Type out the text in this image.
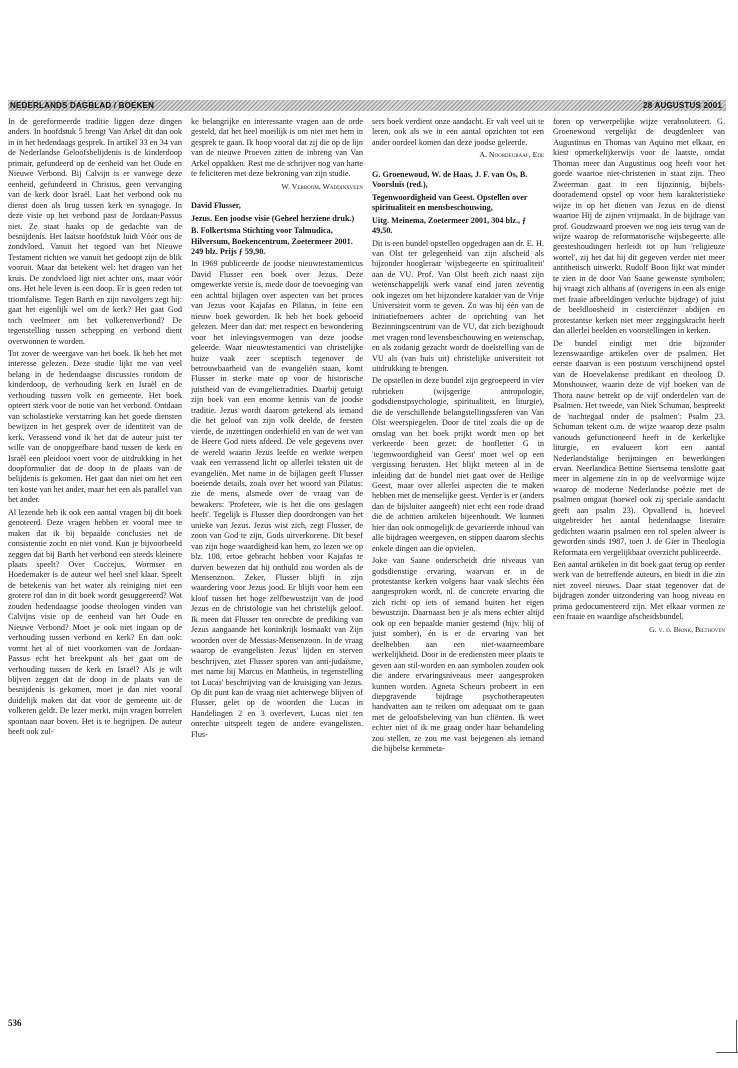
NEDERLANDS DAGBLAD / BOEKEN	28 AUGUSTUS 2001

In de gereformeerde traditie liggen deze dingen anders. In hoofdstuk 5 brengt Van Arkel dit dan ook in in het hedendaags gesprek. In artikel 33 en 34 van de Nederlandse Geloofsbelijdenis is de kinderdoop primair, gefundeerd op de eenheid van het Oude en Nieuwe Verbond. Bij Calvijn is er vanwege deze eenheid, gefundeerd in Christus, geen vervanging van de kerk door Israël. Laat het verbond ook nu dienst doen als brug tussen kerk en synagoge. In deze visie op het verbond past de Jordaan-Passus niet. Ze staat haaks op de gedachte van de besnijdenis. Het laatste hoofdstuk luidt Vóór ons de zondvloed. Vanuit het tegoed van het Nieuwe Testament richten we vanuit het gedoopt zijn de blik vooruit. Maar dat betekent wel: het dragen van het kruis. De zondvloed ligt niet achter ons, maar vóór ons. Het hele leven is een doop. Er is geen reden tot triomfalisme. Tegen Barth en zijn navolgers zegt hij: gaat het eigenlijk wel om de kerk? Het gaat God toch veelmeer om het volkerenverbond? De tegenstelling tussen schepping en verbond dient overwonnen te worden.

Tot zover de weergave van het boek. Ik heb het met interesse gelezen. Deze studie lijkt me van veel belang in de hedendaagse discussies rondom de kinderdoop, de verhouding kerk en Israël en de verhouding tussen volk en gemeente. Het boek opteert sterk voor de notie van het verbond. Ontdaan van scholastieke verstarring kan het goede diensten bewijzen in het gesprek over de identiteit van de kerk. Verassend vond ik het dat de auteur juist ter wille van de onopgeefbare band tussen de kerk en Israël een pleidooi voert voor de uitdrukking in het doopformulier dat de doop in de plaats van de belijdenis is gekomen. Het gaat dan niet om het een ten koste van het ander, maar het een als parallel van het ander.

Al lezende heb ik ook een aantal vragen bij dit boek genoteerd. Deze vragen hebben er vooral mee te maken dat ik bij bepaalde conclusies net de consistentie zocht en niet vond. Kun je bijvoorbeeld zeggen dat bij Barth het verbond een steeds kleinere plaats speelt? Over Coccejus, Wormser en Hoedemaker is de auteur wel heel snel klaar. Speelt de betekenis van het water als reiniging niet een grotere rol dan in dit boek wordt gesuggereerd? Wat zouden hedendaagse joodse theologen vinden van Calvijns visie op de eenheid van het Oude en Nieuwe Verbond? Moet je ook niet ingaan op de verhouding tussen verbond en kerk? En dan ook: vormt het al of niet voorkomen van de Jordaan-Passus echt het breekpunt als het gaat om de verhouding tussen de kerk en Israël? Als je wilt blijven zeggen dat de doop in de plaats van de besnijdenis is gekomen, moet je dan niet vooral duidelijk maken dat dat voor de gemeente uit de volkeren geldt. De lezer merkt, mijn vragen borrelen spontaan naar boven. Het is te begrijpen. De auteur heeft ook zul-

ke belangrijke en interessante vragen aan de orde gesteld, dat het heel moeilijk is om niet met hem in gesprek te gaan. Ik hoop vooral dat zij die op de lijn van de nieuwe Proeven zitten de inbreng van Van Arkel oppakken. Rest me de schrijver nog van harte te feliciteren met deze bekroning van zijn studie.

W. Verboom, Waddinxveen

David Flusser,

Jezus. Een joodse visie (Geheel herziene druk.)

B. Folkertsma Stichting voor Talmudica, Hilversum, Boekencentrum, Zoetermeer 2001. 249 blz. Prijs ƒ 59,90.

In 1969 publiceerde de joodse nieuwtestamenticus David Flusser een boek over Jezus. Deze omgewerkte versie is, mede door de toevoeging van een achttal bijlagen over aspecten van het proces van Jezus voor Kajafas en Pilatus, in feite een nieuw boek geworden. Ik heb het boek geboeid gelezen. Meer dan dat: met respect en bewondering voor het inlevingsvermogen van deze joodse geleerde. Waar nieuwtestamentici van christelijke huize vaak zeer sceptisch tegenover de betrouwbaarheid van de evangeliën staan, komt Flusser in sterke mate op voor de historische juistheid van de evangelietradities. Daarbij getuigt zijn boek van een enorme kennis van de joodse traditie. Jezus wordt daarom getekend als iemand die het geloof van zijn volk deelde, de feesten vierde, de inzettingen onderhield en van de wet van de Heere God niets afdeed. De vele gegevens over de wereld waarin Jezus leefde en werkte werpen vaak een verrassend licht op allerlei teksten uit de evangeliën. Met name in de bijlagen geeft Flusser boeiende details, zoals over het woord van Pilatus: zie de mens, alsmede over de vraag van de bewakers: 'Profeteer, wie is het die ons geslagen heeft'. Tegelijk is Flusser diep doordrongen van het unieke van Jezus. Jezus wist zich, zegt Flusser, de zoon van God te zijn, Gods uitverkorene. Dit besef van zijn hoge waardigheid kan hem, zo lezen we op blz. 108, ertoe gebracht hebben voor Kajafas te durven bewezen dat hij onthuld zou worden als de Mensenzoon. Zeker, Flusser blijft in zijn waardering voor Jezus jood. Er blijft voor hem een kloof tussen het hoge zelfbewustzijn van de jood Jezus en de christologie van het christelijk geloof. Ik meen dat Flusser ten onrechte de prediking van Jezus aangaande het koninkrijk losmaakt van Zijn woorden over de Messias-Mensenzoon. In de vraag waarop de evangelisten Jezus' lijden en sterven beschrijven, ziet Flusser sporen van anti-judaïsme, met name bij Marcus en Mattheüs, in tegenstelling tot Lucas' beschrijving van de kruisiging van Jezus. Op dit punt kan de vraag niet achterwege blijven of Flusser, gelet op de woorden die Lucas in Handelingen 2 en 3 overlevert, Lucas niet ten onrechte uitspeelt tegen de andere evangelisten. Flus-

sers boek verdient onze aandacht. Er valt veel uit te leren, ook als we in een aantal opzichten tot een ander oordeel komen dan deze joodse geleerde.

A. Noordegraaf, Ede

G. Groenewoud, W. de Haas, J. F. van Os, B. Voorsluis (red.),

Tegenwoordigheid van Geest. Opstellen over spiritualiteit en mensbeschouwing,

Uitg. Meinema, Zoetermeer 2001, 304 blz., ƒ 49,50.

Dit is een bundel opstellen opgedragen aan dr. E. H. van Olst ter gelegenheid van zijn afscheid als bijzonder hoogleraar 'wijsbegeerte en spiritualiteit' aan de VU. Prof. Van Olst heeft zich naast zijn wetenschappelijk werk vanaf eind jaren zeventig ook ingezet om het bijzondere karakter van de Vrije Universiteit vorm te geven. Zo was hij één van de initiatiefnemers achter de oprichting van het Bezinningscentrum van de VU, dat zich bezighoudt met vragen rond levensbeschouwing en wetenschap, en als zodanig gezacht wordt de doelstelling van de VU als (van huis uit) christelijke universiteit tot uitdrukking te brengen.

De opstellen in deze bundel zijn gegroepeerd in vier rubrieken (wijsgerige antropologie, godsdienstpsychologie, spiritualiteit, en liturgie), die de verschillende belangstellingssferen van Van Olst weerspiegelen. Door de titel zoals die op de omslag van het boek prijkt wordt men op het verkeerde been gezet: de hoofletter G in 'tegenwoordigheid van Geest' moet wel op een vergissing berusten. Het blijkt meteen al in de inleiding dat de bundel niet gaat over de Heilige Geest, maar over allerlei aspecten die te maken hebben met de menselijke geest. Verder is er (anders dan de bijsluiter aangeeft) niet echt een rode draad die de achttien artikelen bijeenhoudt. We kunnen hier dan ook onmogelijk de gevarieerde inhoud van alle bijdragen weergeven, en stippen daarom slechts enkele dingen aan die opvielen.

Joke van Saane onderscheidt drie niveaus van godsdienstige ervaring, waarvan er in de protestantse kerken volgens haar vaak slechts één aangesproken wordt, nl. de concrete ervaring die zich richt op iets of iemand buiten het eigen bewustzijn. Daarnaast ben je als mens echter altijd ook op een bepaalde manier gestemd (bijv. blij of juist somber), én is er de ervaring van het deelhebben aan een niet-waarneembare werkelijkheid. Door in de erediensten meer plaats te geven aan stil-worden en aan symbolen zouden ook die andere ervaringsniveaus meer aangesproken kunnen worden. Agneta Scheurs probeert in een diepgravende bijdrage psychotherapeuten handvatten aan te reiken om adequaat om te gaan met de geloofsbeleving van hun cliënten. Ik weet echter niet of ik me graag onder haar behandeling zou stellen, ze zou me vast bejegenen als iemand die bijbelse kernmeta-

foren op verwerpelijke wijze verabsoluteert. G. Groenewoud vergelijkt de deugdenleer van Augustinus en Thomas van Aquino met elkaar, en kiest opmerkelijkerwijs voor de laatste, omdat Thomas meer dan Augustinus oog heeft voor het goede waartoe niet-christenen in staat zijn. Theo Zweerman gaat in een fijnzinnig, bijbels-doorademend opstel op voor hem karakteristieke wijze in op het dienen van Jezus en de dienst waartoe Hij de zijnen vrijmaakt. In de bijdrage van prof. Goudzwaard proeven we nog iets terug van de wijze waarop de reformatorische wijsbegeerte alle geesteshoudingen herleidt tot op hun 'religieuze wortel', zij het dat hij dit gegeven verder niet meer antithetisch uitwerkt. Rudolf Boon lijkt wat minder te zien in de door Van Saane gewenste symbolen; hij vraagt zich althans af (overigens in een als enige met fraaie afbeeldingen verluchte bijdrage) of juist de beeldloosheid in cisterciënzer abdijen en protestantse kerken niet meer zeggingskracht heeft dan allerlei beelden en voorstellingen in kerken.

De bundel eindigt met drie bijzonder lezenswaardige artikelen over de psalmen. Het eerste daarvan is een postuum verschijnend opstel van de Hoevelakense predikant en theoloog D. Monshouwer, waarin deze de vijf boeken van de Thora nauw betrekt op de vijf onderdelen van de Psalmen. Het tweede, van Niek Schuman, bespreekt de 'nachtegaal onder de psalmen': Psalm 23. Schuman tekent o.m. de wijze waarop deze psalm vanouds gefunctioneerd heeft in de kerkelijke liturgie, en evalueert kort een aantal Nederlandstalige berijmingen en bewerkingen ervan. Neerlandica Bettine Siertsema tenslotte gaat meer in algemene zin in op de veelvormige wijze waarop de moderne Nederlandse poëzie met de psalmen omgaat (hoewel ook zij speciale aandacht geeft aan psalm 23). Opvallend is, hoeveel uitgebreider het aantal hedendaagse literaire gedichten waarin psalmen een rol spelen alweer is geworden sinds 1987, toen J. de Gier in Theologia Reformata een vergelijkbaar overzicht publiceerde.

Een aantal artikelen in dit boek gaat terug op eerder werk van de betreffende auteurs, en biedt in die zin niet zoveel nieuws. Daar staat tegenover dat de bijdragen zonder uitzondering van hoog niveau en prima gedocumenteerd zijn. Met elkaar vormen ze een fraaie en waardige afscheidsbundel.

G. v. d. Brink, Bilthoven
536
